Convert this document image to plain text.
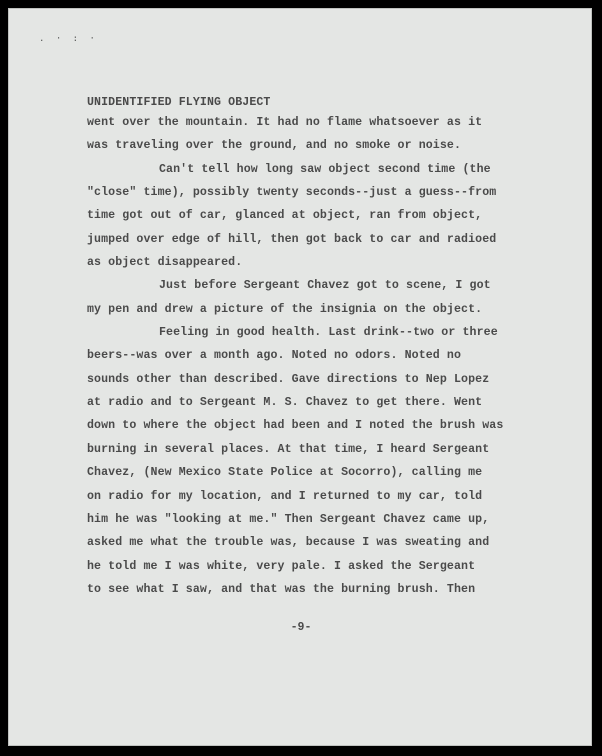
. · : ·
UNIDENTIFIED FLYING OBJECT
went over the mountain. It had no flame whatsoever as it
was traveling over the ground, and no smoke or noise.
Can't tell how long saw object second time (the
"close" time), possibly twenty seconds--just a guess--from
time got out of car, glanced at object, ran from object,
jumped over edge of hill, then got back to car and radioed
as object disappeared.
Just before Sergeant Chavez got to scene, I got
my pen and drew a picture of the insignia on the object.
Feeling in good health. Last drink--two or three
beers--was over a month ago. Noted no odors. Noted no
sounds other than described. Gave directions to Nep Lopez
at radio and to Sergeant M. S. Chavez to get there. Went
down to where the object had been and I noted the brush was
burning in several places. At that time, I heard Sergeant
Chavez, (New Mexico State Police at Socorro), calling me
on radio for my location, and I returned to my car, told
him he was "looking at me." Then Sergeant Chavez came up,
asked me what the trouble was, because I was sweating and
he told me I was white, very pale. I asked the Sergeant
to see what I saw, and that was the burning brush. Then
-9-
